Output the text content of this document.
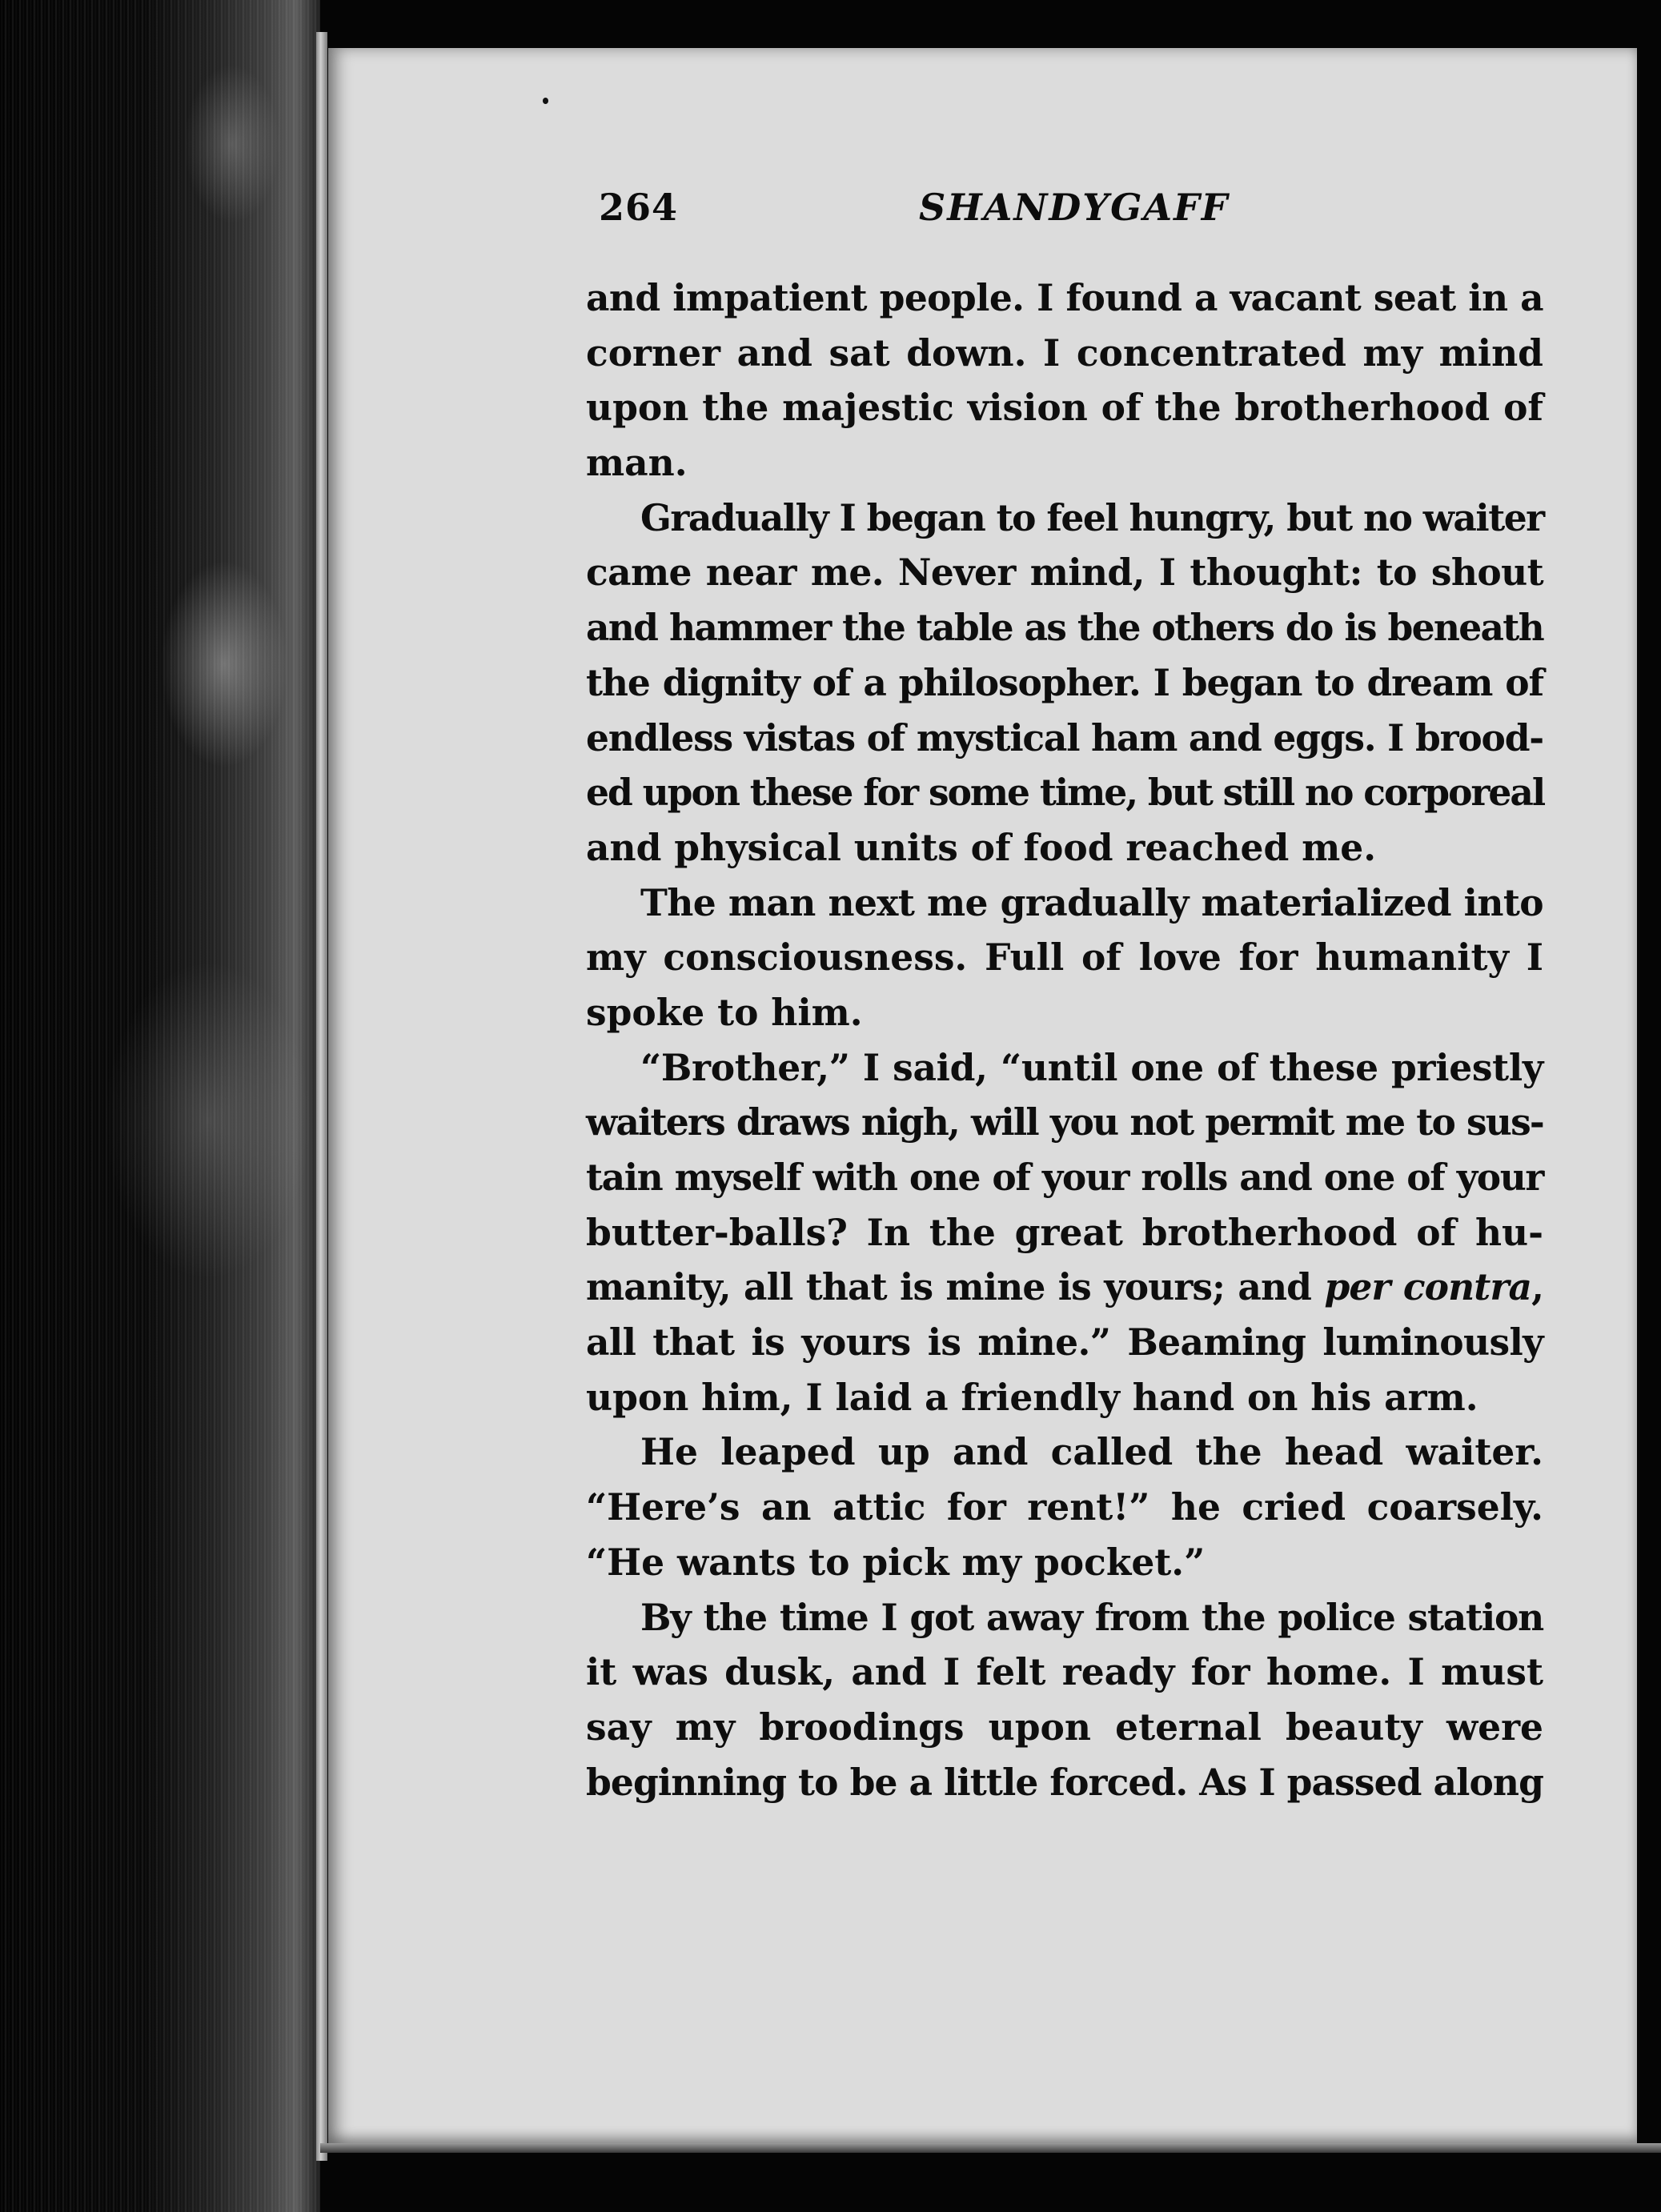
264	SHANDYGAFF
and impatient people. I found a vacant seat in a
corner and sat down. I concentrated my mind
upon the majestic vision of the brotherhood of
man.
Gradually I began to feel hungry, but no waiter
came near me. Never mind, I thought: to shout
and hammer the table as the others do is beneath
the dignity of a philosopher. I began to dream of
endless vistas of mystical ham and eggs. I brood-
ed upon these for some time, but still no corporeal
and physical units of food reached me.
The man next me gradually materialized into
my consciousness. Full of love for humanity I
spoke to him.
“Brother,” I said, “until one of these priestly
waiters draws nigh, will you not permit me to sus-
tain myself with one of your rolls and one of your
butter-balls? In the great brotherhood of hu-
manity, all that is mine is yours; and per contra,
all that is yours is mine.” Beaming luminously
upon him, I laid a friendly hand on his arm.
He leaped up and called the head waiter.
“Here’s an attic for rent!” he cried coarsely.
“He wants to pick my pocket.”
By the time I got away from the police station
it was dusk, and I felt ready for home. I must
say my broodings upon eternal beauty were
beginning to be a little forced. As I passed along
